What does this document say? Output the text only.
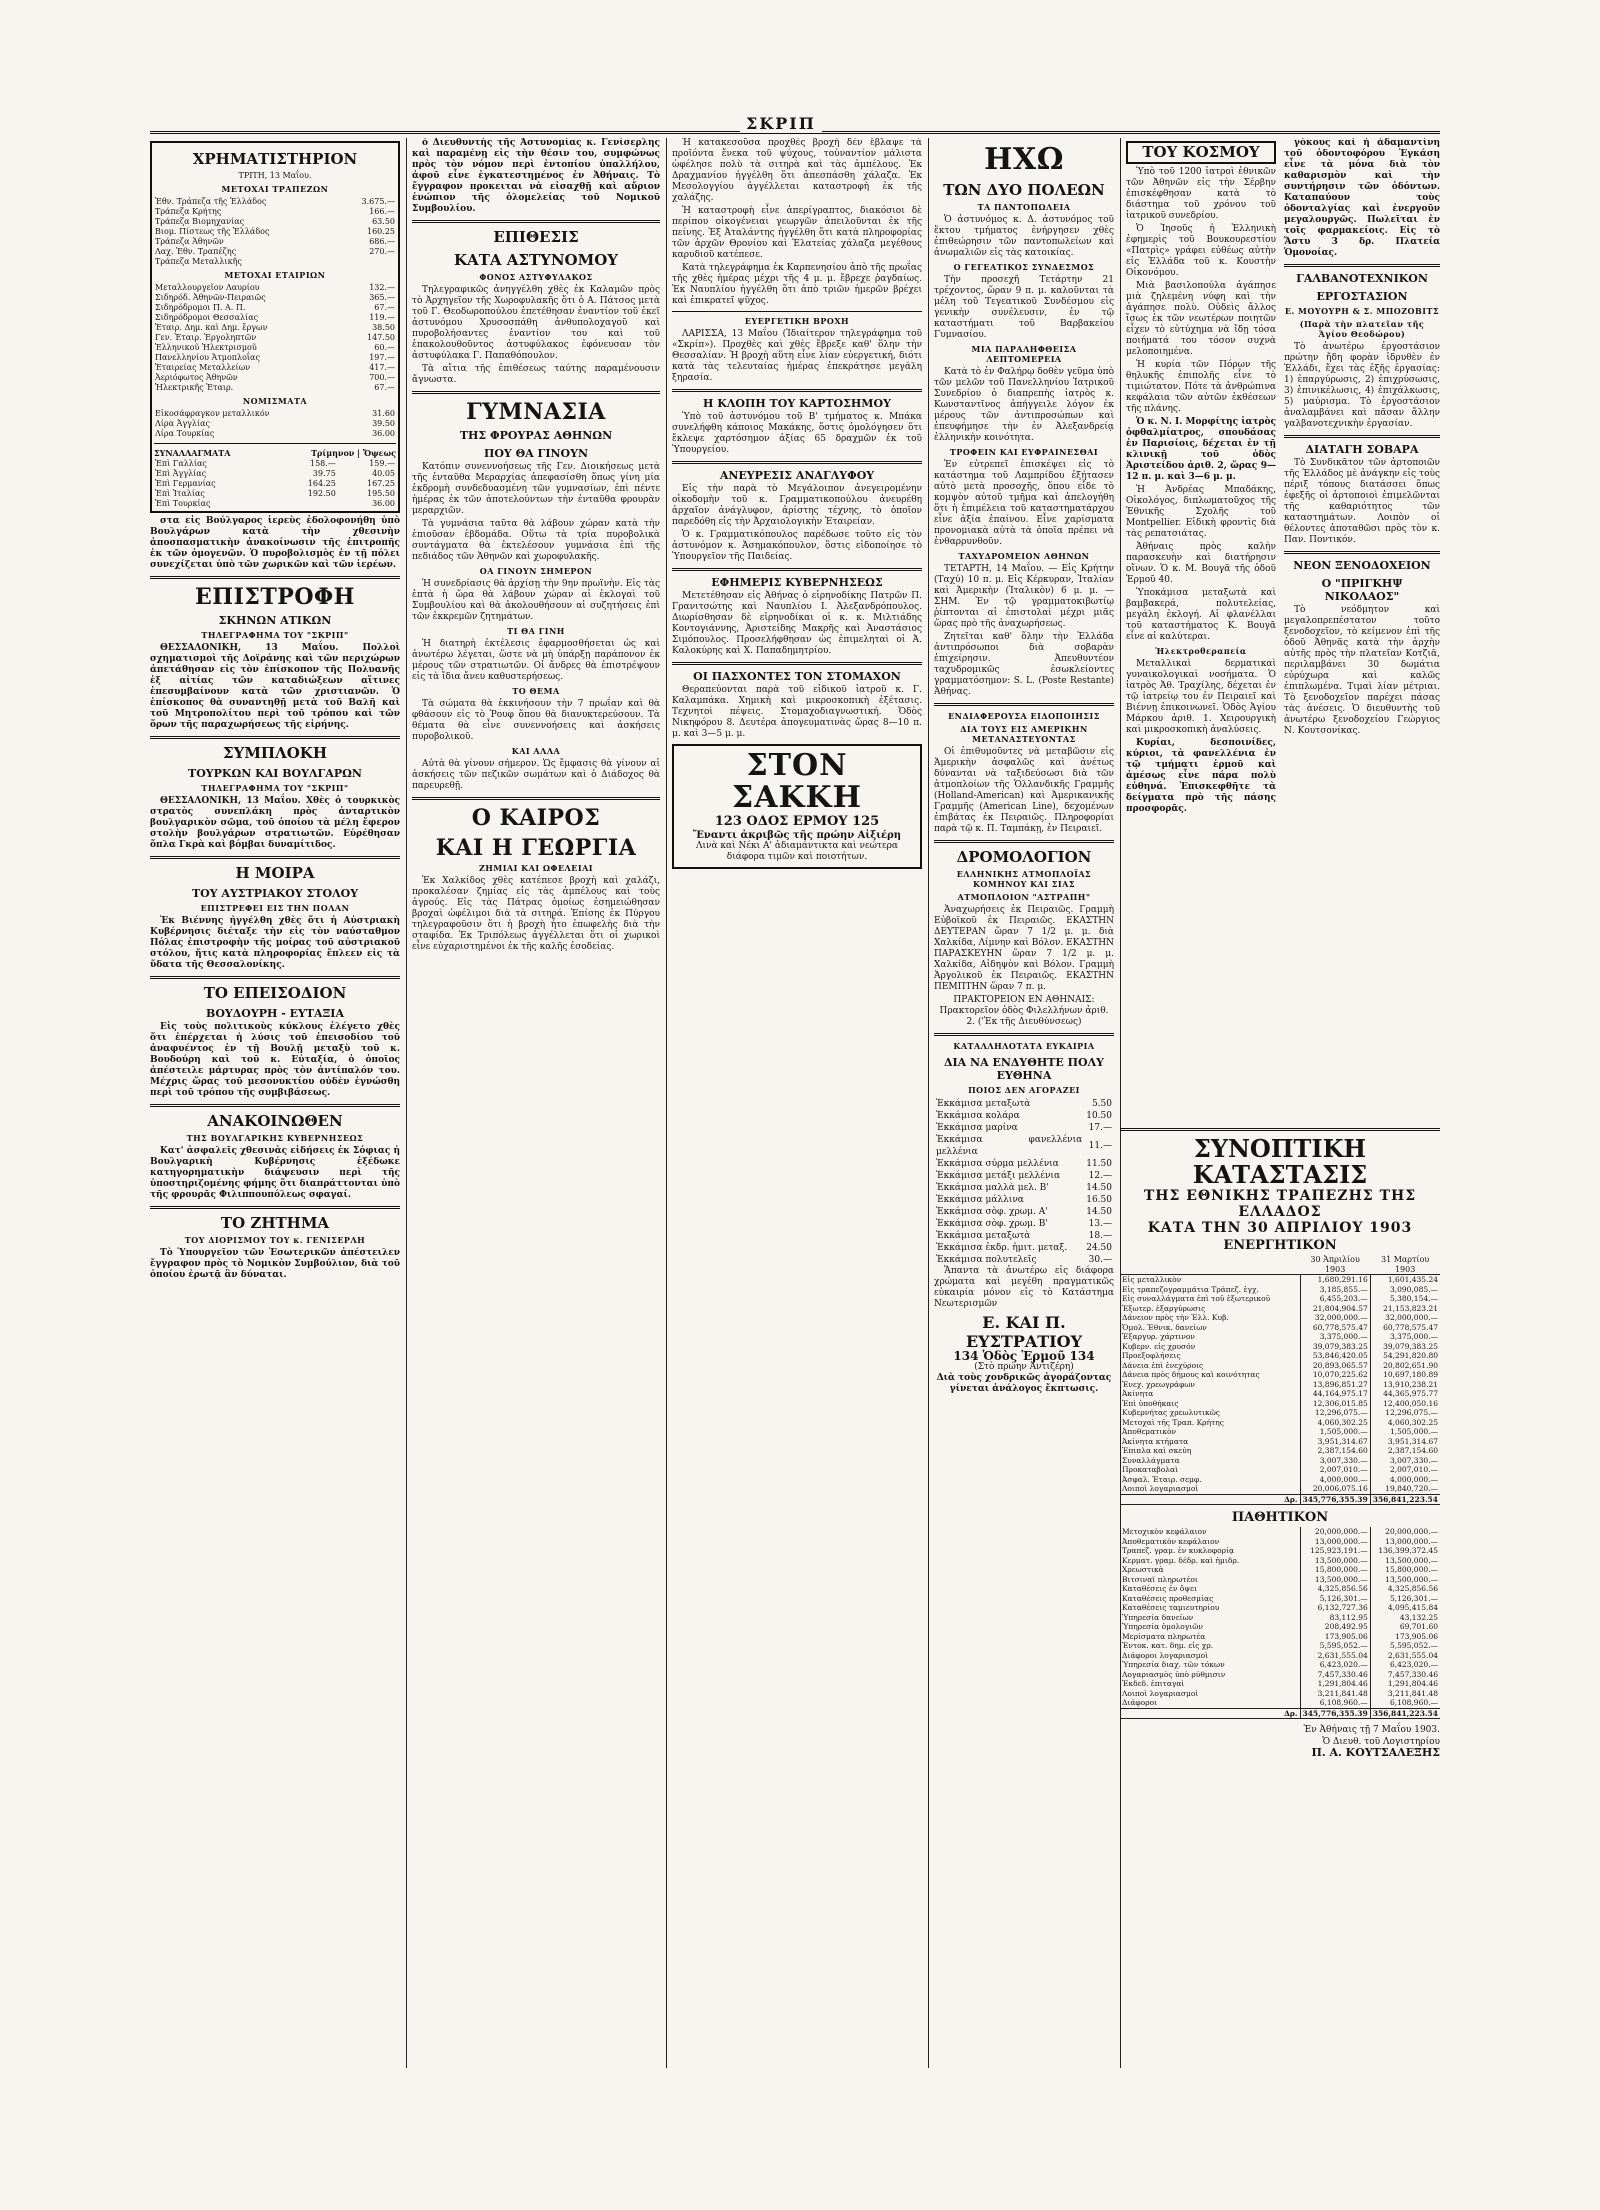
ΣΚΡΙΠ
ΧΡΗΜΑΤΙΣΤΗΡΙΟΝ
ΤΡΙΤΗ, 13 Μαΐου.
ΜΕΤΟΧΑΙ ΤΡΑΠΕΖΩΝ
Ἐθν. Τράπεζα τῆς Ἑλλάδος	3.675.—
Τράπεζα Κρήτης	166.—
Τράπεζα Βιομηχανίας	63.50
Βιομ. Πίστεως τῆς Ἑλλάδος	160.25
Τράπεζα Ἀθηνῶν	686.—
Λαχ. Ἐθν. Τραπέζης	270.—
Τράπεζα Μεταλλικῆς	
ΜΕΤΟΧΑΙ ΕΤΑΙΡΙΩΝ
Μεταλλουργεῖον Λαυρίου	132.—
Σιδηρόδ. Ἀθηνῶν-Πειραιῶς	365.—
Σιδηρόδρομοι Π. Α. Π.	67.—
Σιδηρόδρομοι Θεσσαλίας	119.—
Ἑταιρ. Δημ. καὶ Δημ. ἔργων	38.50
Γεν. Ἑταιρ. Ἐργοληπτῶν	147.50
Ἑλληνικοῦ Ἠλεκτρισμοῦ	60.—
Πανελληνίου Ἀτμοπλοΐας	197.—
Ἑταιρείας Μεταλλείων	417.—
Ἀεριόφωτος Ἀθηνῶν	700.—
Ἠλεκτρικῆς Ἑταιρ.	67.—
ΝΟΜΙΣΜΑΤΑ
Εἰκοσάφραγκον μεταλλικόν	31.60
Λίρα Ἀγγλίας	39.50
Λίρα Τουρκίας	36.00
ΣΥΝΑΛΛΑΓΜΑΤΑ	Τρίμηνον | Ὄψεως
Ἐπὶ Γαλλίας	158.—	159.—
Ἐπὶ Ἀγγλίας	39.75	40.05
Ἐπὶ Γερμανίας	164.25	167.25
Ἐπὶ Ἰταλίας	192.50	195.50
Ἐπὶ Τουρκίας		36.00

στα εἰς Βούλγαρος ἱερεὺς ἐδολοφονήθη ὑπὸ Βουλγάρων κατὰ τὴν χθεσινὴν ἀποσπασματικὴν ἀνακοίνωσιν τῆς ἐπιτροπῆς ἐκ τῶν ὁμογενῶν. Ὁ πυροβολισμὸς ἐν τῇ πόλει συνεχίζεται ὑπὸ τῶν χωρικῶν καὶ τῶν ἱερέων.

ΕΠΙΣΤΡΟΦΗ
ΣΚΗΝΩΝ ΑΤΙΚΩΝ
ΤΗΛΕΓΡΑΦΗΜΑ ΤΟΥ "ΣΚΡΙΠ"

ΘΕΣΣΑΛΟΝΙΚΗ, 13 Μαΐου. Πολλοὶ σχηματισμοὶ τῆς Δοϊράνης καὶ τῶν περιχώρων ἀπετάθησαν εἰς τὸν ἐπίσκοπον τῆς Πολυανῆς ἐξ αἰτίας τῶν καταδιώξεων αἵτινες ἐπεσυμβαίνουν κατὰ τῶν χριστιανῶν. Ὁ ἐπίσκοπος θὰ συναντηθῇ μετὰ τοῦ Βαλῆ καὶ τοῦ Μητροπολίτου περὶ τοῦ τρόπου καὶ τῶν ὅρων τῆς παραχωρήσεως τῆς εἰρήνης.

ΣΥΜΠΛΟΚΗ
ΤΟΥΡΚΩΝ ΚΑΙ ΒΟΥΛΓΑΡΩΝ
ΤΗΛΕΓΡΑΦΗΜΑ ΤΟΥ "ΣΚΡΙΠ"

ΘΕΣΣΑΛΟΝΙΚΗ, 13 Μαΐου. Χθὲς ὁ τουρκικὸς στρατὸς συνεπλάκη πρὸς ἀνταρτικὸν βουλγαρικὸν σῶμα, τοῦ ὁποίου τὰ μέλη ἔφερον στολὴν βουλγάρων στρατιωτῶν. Εὑρέθησαν ὅπλα Γκρὰ καὶ βόμβαι δυναμίτιδος.

Η ΜΟΙΡΑ
ΤΟΥ ΑΥΣΤΡΙΑΚΟΥ ΣΤΟΛΟΥ
ΕΠΙΣΤΡΕΦΕΙ ΕΙΣ ΤΗΝ ΠΟΛΑΝ

Ἐκ Βιέννης ἠγγέλθη χθὲς ὅτι ἡ Αὐστριακὴ Κυβέρνησις διέταξε τὴν εἰς τὸν ναύσταθμον Πόλας ἐπιστροφὴν τῆς μοίρας τοῦ αὐστριακοῦ στόλου, ἥτις κατὰ πληροφορίας ἔπλεεν εἰς τὰ ὕδατα τῆς Θεσσαλονίκης.

ΤΟ ΕΠΕΙΣΟΔΙΟΝ
ΒΟΥΔΟΥΡΗ - ΕΥΤΑΞΙΑ

Εἰς τοὺς πολιτικοὺς κύκλους ἐλέγετο χθὲς ὅτι ἐπέρχεται ἡ λύσις τοῦ ἐπεισοδίου τοῦ ἀναφυέντος ἐν τῇ Βουλῇ μεταξὺ τοῦ κ. Βουδούρη καὶ τοῦ κ. Εὐταξία, ὁ ὁποῖος ἀπέστειλε μάρτυρας πρὸς τὸν ἀντίπαλόν του. Μέχρις ὥρας τοῦ μεσονυκτίου οὐδὲν ἐγνώσθη περὶ τοῦ τρόπου τῆς συμβιβάσεως.

ΑΝΑΚΟΙΝΩΘΕΝ
ΤΗΣ ΒΟΥΛΓΑΡΙΚΗΣ ΚΥΒΕΡΝΗΣΕΩΣ

Κατ' ἀσφαλεῖς χθεσινὰς εἰδήσεις ἐκ Σόφιας ἡ Βουλγαρικὴ Κυβέρνησις ἐξέδωκε κατηγορηματικὴν διάψευσιν περὶ τῆς ὑποστηριζομένης φήμης ὅτι διαπράττονται ὑπὸ τῆς φρουρᾶς Φιλιππουπόλεως σφαγαί.

ΤΟ ΖΗΤΗΜΑ
ΤΟΥ ΔΙΟΡΙΣΜΟΥ ΤΟΥ κ. ΓΕΝΙΣΕΡΛΗ

Τὸ Ὑπουργεῖον τῶν Ἐσωτερικῶν ἀπέστειλεν ἔγγραφον πρὸς τὸ Νομικὸν Συμβούλιον, διὰ τοῦ ὁποίου ἐρωτᾷ ἂν δύναται.

ὁ Διευθυντὴς τῆς Ἀστυνομίας κ. Γενίσερλης καὶ παραμένῃ εἰς τὴν θέσιν του, συμφώνως πρὸς τὸν νόμον περὶ ἐντοπίου ὑπαλλήλου, ἀφοῦ εἶνε ἐγκατεστημένος ἐν Ἀθήναις. Τὸ ἔγγραφον προκειται νὰ εἰσαχθῇ καὶ αὔριον ἐνώπιον τῆς ὁλομελείας τοῦ Νομικοῦ Συμβουλίου.

ΕΠΙΘΕΣΙΣ
ΚΑΤΑ ΑΣΤΥΝΟΜΟΥ
ΦΟΝΟΣ ΑΣΤΥΦΥΛΑΚΟΣ

Τηλεγραφικῶς ἀνηγγέλθη χθὲς ἐκ Καλαμῶν πρὸς τὸ Ἀρχηγεῖον τῆς Χωροφυλακῆς ὅτι ὁ Α. Πάτσος μετὰ τοῦ Γ. Θεοδωροπούλου ἐπετέθησαν ἐναντίον τοῦ ἐκεῖ ἀστυνόμου Χρυσοσπάθη ἀνθυπολοχαγοῦ καὶ πυροβολήσαντες ἐναντίον του καὶ τοῦ ἐπακολουθοῦντος ἀστυφύλακος ἐφόνευσαν τὸν ἀστυφύλακα Γ. Παπαθόπουλον.

Τὰ αἴτια τῆς ἐπιθέσεως ταύτης παραμένουσιν ἄγνωστα.

ΓΥΜΝΑΣΙΑ
ΤΗΣ ΦΡΟΥΡΑΣ ΑΘΗΝΩΝ
ΠΟΥ ΘΑ ΓΙΝΟΥΝ

Κατόπιν συνεννοήσεως τῆς Γεν. Διοικήσεως μετὰ τῆς ἐνταῦθα Μεραρχίας ἀπεφασίσθη ὅπως γίνη μία ἐκδρομὴ συνδεδυασμένη τῶν γυμνασίων, ἐπὶ πέντε ἡμέρας ἐκ τῶν ἀποτελούντων τὴν ἐνταῦθα φρουρὰν μεραρχιῶν.

Τὰ γυμνάσια ταῦτα θὰ λάβουν χώραν κατὰ τὴν ἐπιοῦσαν ἑβδομάδα. Οὕτω τὰ τρία πυροβολικὰ συντάγματα θὰ ἐκτελέσουν γυμνάσια ἐπὶ τῆς πεδιάδος τῶν Ἀθηνῶν καὶ χωροφυλακῆς.

ΟΑ ΓΙΝΟΥΝ ΣΗΜΕΡΟΝ

Ἡ συνεδρίασις θὰ ἀρχίσῃ τὴν 9ην πρωϊνὴν. Εἰς τὰς ἑπτὰ ἡ ὥρα θὰ λάβουν χώραν αἱ ἐκλογαὶ τοῦ Συμβουλίου καὶ θὰ ἀκολουθήσουν αἱ συζητήσεις ἐπὶ τῶν ἐκκρεμῶν ζητημάτων.

ΤΙ ΘΑ ΓΙΝΗ

Ἡ διατηρὴ ἐκτέλεσις ἐφαρμοσθήσεται ὡς καὶ ἀνωτέρω λέγεται, ὥστε νὰ μὴ ὑπάρξῃ παράπονον ἐκ μέρους τῶν στρατιωτῶν. Οἱ ἄνδρες θὰ ἐπιστρέψουν εἰς τὰ ἴδια ἄνευ καθυστερήσεως.

ΤΟ ΘΕΜΑ

Τὰ σώματα θὰ ἐκκινήσουν τὴν 7 πρωΐαν καὶ θὰ φθάσουν εἰς τὸ Ῥουφ ὅπου θὰ διανυκτερεύσουν. Τὰ θέματα θὰ εἶνε συνεννοήσεις καὶ ἀσκήσεις πυροβολικοῦ.

ΚΑΙ ΑΛΛΑ

Αὐτὰ θὰ γίνουν σήμερον. Ὡς ἔμφασις θὰ γίνουν αἱ ἀσκήσεις τῶν πεζικῶν σωμάτων καὶ ὁ Διάδοχος θὰ παρευρεθῇ.

Ο ΚΑΙΡΟΣ
ΚΑΙ Η ΓΕΩΡΓΙΑ
ΖΗΜΙΑΙ ΚΑΙ ΩΦΕΛΕΙΑΙ

Ἐκ Χαλκίδος χθὲς κατέπεσε βροχὴ καὶ χαλάζι, προκαλέσαν ζημίας εἰς τὰς ἀμπέλους καὶ τοὺς ἀγρούς. Εἰς τὰς Πάτρας ὁμοίως ἐσημειώθησαν βροχαὶ ὠφέλιμοι διὰ τὰ σιτηρά. Ἐπίσης ἐκ Πύργου τηλεγραφοῦσιν ὅτι ἡ βροχὴ ἦτο ἐπωφελὴς διὰ τὴν σταφίδα. Ἐκ Τριπόλεως ἀγγέλλεται ὅτι οἱ χωρικοὶ εἶνε εὐχαριστημένοι ἐκ τῆς καλῆς ἐσοδείας.

Ἡ κατακεσοῦσα προχθὲς βροχὴ δὲν ἔβλαψε τὰ προϊόντα ἕνεκα τοῦ ψύχους, τοὐναντίον μάλιστα ὠφέλησε πολὺ τὰ σιτηρὰ καὶ τὰς ἀμπέλους. Ἐκ Δραχμανίου ἠγγέλθη ὅτι ἀπεσπάσθη χάλαζα. Ἐκ Μεσολογγίου ἀγγέλλεται καταστροφὴ ἐκ τῆς χαλάζης.

Ἡ καταστροφὴ εἶνε ἀπερίγραπτος, διακόσιοι δὲ περίπου οἰκογένειαι γεωργῶν ἀπειλοῦνται ἐκ τῆς πείνης. Ἐξ Ἀταλάντης ἠγγέλθη ὅτι κατὰ πληροφορίας τῶν ἀρχῶν Θρονίου καὶ Ἐλατείας χάλαζα μεγέθους καρυδιοῦ κατέπεσε.

Κατὰ τηλεγράφημα ἐκ Καρπενησίου ἀπὸ τῆς πρωΐας τῆς χθὲς ἡμέρας μέχρι τῆς 4 μ. μ. ἔβρεχε ῥαγδαίως. Ἐκ Ναυπλίου ἠγγέλθη ὅτι ἀπὸ τριῶν ἡμερῶν βρέχει καὶ ἐπικρατεῖ ψῦχος.

ΕΥΕΡΓΕΤΙΚΗ ΒΡΟΧΗ

ΛΑΡΙΣΣΑ, 13 Μαΐου (Ἰδιαίτερον τηλεγράφημα τοῦ «Σκρίπ»). Προχθὲς καὶ χθὲς ἔβρεξε καθ' ὅλην τὴν Θεσσαλίαν. Ἡ βροχὴ αὕτη εἶνε λίαν εὐεργετική, διότι κατὰ τὰς τελευταίας ἡμέρας ἐπεκράτησε μεγάλη ξηρασία.

Η ΚΛΟΠΗ ΤΟΥ ΚΑΡΤΟΣΗΜΟΥ

Ὑπὸ τοῦ ἀστυνόμου τοῦ Β' τμήματος κ. Μπάκα συνελήφθη κάποιος Μακάκης, ὅστις ὁμολόγησεν ὅτι ἔκλεψε χαρτόσημον ἀξίας 65 δραχμῶν ἐκ τοῦ Ὑπουργείου.

ΑΝΕΥΡΕΣΙΣ ΑΝΑΓΛΥΦΟΥ

Εἰς τὴν παρὰ τὸ Μεγάλοιπον ἀνεγειρομένην οἰκοδομὴν τοῦ κ. Γραμματικοπούλου ἀνευρέθη ἀρχαῖον ἀνάγλυφον, ἀρίστης τέχνης, τὸ ὁποῖον παρεδόθη εἰς τὴν Ἀρχαιολογικὴν Ἑταιρείαν.

Ὁ κ. Γραμματικόπουλος παρέδωσε τοῦτο εἰς τὸν ἀστυνόμον κ. Ἀσημακόπουλον, ὅστις εἰδοποίησε τὸ Ὑπουργεῖον τῆς Παιδείας.

ΕΦΗΜΕΡΙΣ ΚΥΒΕΡΝΗΣΕΩΣ

Μετετέθησαν εἰς Ἀθήνας ὁ εἰρηνοδίκης Πατρῶν Π. Γρανιτσώτης καὶ Ναυπλίου Ι. Ἀλεξανδρόπουλος. Διωρίσθησαν δὲ εἰρηνοδίκαι οἱ κ. κ. Μιλτιάδης Κοντογιάννης, Ἀριστείδης Μακρῆς καὶ Ἀναστάσιος Σιμόπουλος. Προσελήφθησαν ὡς ἐπιμεληταὶ οἱ Ἀ. Καλοκύρης καὶ Χ. Παπαδημητρίου.

ΟΙ ΠΑΣΧΟΝΤΕΣ ΤΟΝ ΣΤΟΜΑΧΟΝ

Θεραπεύονται παρὰ τοῦ εἰδικοῦ ἰατροῦ κ. Γ. Καλαμπάκα. Χημικὴ καὶ μικροσκοπικὴ ἐξέτασις. Τεχνητοὶ πέψεις. Στομαχοδιαγνωστική. Ὁδὸς Νικηφόρου 8. Δευτέρα ἀπογευματινὰς ὥρας 8—10 π. μ. καὶ 3—5 μ. μ.

ΣΤΟΝ ΣΑΚΚΗ
123 ΟΔΟΣ ΕΡΜΟΥ 125
Ἔναντι ἀκριβῶς τῆς πρώην Αἰξιέρη
Λινὰ καὶ Νέκι Α' ἀδιαμάντικτα καὶ νεώτερα διάφορα τιμῶν καὶ ποιοτήτων.
ΗΧΩ
ΤΩΝ ΔΥΟ ΠΟΛΕΩΝ
ΤΑ ΠΑΝΤΟΠΩΛΕΙΑ

Ὁ ἀστυνόμος κ. Δ. ἀστυνόμος τοῦ ἕκτου τμήματος ἐνήργησεν χθὲς ἐπιθεώρησιν τῶν παντοπωλείων καὶ ἀνωμαλιῶν εἰς τὰς κατοικίας.

Ο ΓΕΓΕΑΤΙΚΟΣ ΣΥΝΔΕΣΜΟΣ

Τὴν προσεχῆ Τετάρτην 21 τρέχοντος, ὥραν 9 π. μ. καλοῦνται τὰ μέλη τοῦ Τεγεατικοῦ Συνδέσμου εἰς γενικὴν συνέλευσιν, ἐν τῷ καταστήματι τοῦ Βαρβακείου Γυμνασίου.

ΜΙΑ ΠΑΡΑΛΗΦΘΕΙΣΑ ΛΕΠΤΟΜΕΡΕΙΑ

Κατὰ τὸ ἐν Φαλήρῳ δοθὲν γεῦμα ὑπὸ τῶν μελῶν τοῦ Πανελληνίου Ἰατρικοῦ Συνεδρίου ὁ διαπρεπὴς ἰατρὸς κ. Κωνσταντῖνος ἀπήγγειλε λόγον ἐκ μέρους τῶν ἀντιπροσώπων καὶ ἐπευφήμησε τὴν ἐν Ἀλεξανδρείᾳ ἑλληνικὴν κοινότητα.

ΤΡΟΦΕΙΝ ΚΑΙ ΕΥΦΡΑΙΝΕΣΘΑΙ

Ἐν εὐτρεπεῖ ἐπισκέψει εἰς τὸ κατάστημα τοῦ Λαμπρίδου ἐξήτασεν αὐτὸ μετὰ προσοχῆς, ὅπου εἶδε τὸ κομψὸν αὐτοῦ τμῆμα καὶ ἀπελογήθη ὅτι ἡ ἐπιμέλεια τοῦ καταστηματάρχου εἶνε ἀξία ἐπαίνου. Εἶνε χαρίσματα προνομιακὰ αὐτὰ τὰ ὁποῖα πρέπει νὰ ἐνθαρρυνθοῦν.

ΤΑΧΥΔΡΟΜΕΙΟΝ ΑΘΗΝΩΝ

ΤΕΤΑΡΤΗ, 14 Μαΐου. — Εἰς Κρήτην (Ταχύ) 10 π. μ. Εἰς Κέρκυραν, Ἰταλίαν καὶ Ἀμερικὴν (Ἰταλικὸν) 6 μ. μ. — ΣΗΜ. Ἐν τῷ γραμματοκιβωτίῳ ῥίπτονται αἱ ἐπιστολαὶ μέχρι μιᾶς ὥρας πρὸ τῆς ἀναχωρήσεως.

Ζητεῖται καθ' ὅλην τὴν Ἑλλάδα ἀντιπρόσωποι διὰ σοβαρὰν ἐπιχείρησιν. Ἀπευθυντέον ταχυδρομικῶς ἐσωκλείοντες γραμματόσημον: S. L. (Poste Restante) Ἀθήνας.

ΕΝΔΙΑΦΕΡΟΥΣΑ ΕΙΔΟΠΟΙΗΣΙΣ
ΔΙΑ ΤΟΥΣ ΕΙΣ ΑΜΕΡΙΚΗΝ ΜΕΤΑΝΑΣΤΕΥΟΝΤΑΣ

Οἱ ἐπιθυμοῦντες νὰ μεταβῶσιν εἰς Ἀμερικὴν ἀσφαλῶς καὶ ἀνέτως δύνανται νὰ ταξιδεύσωσι διὰ τῶν ἀτμοπλοίων τῆς Ὁλλανδικῆς Γραμμῆς (Holland-American) καὶ Ἀμερικανικῆς Γραμμῆς (American Line), δεχομένων ἐπιβάτας ἐκ Πειραιῶς. Πληροφορίαι παρὰ τῷ κ. Π. Ταμπάκῃ, ἐν Πειραιεῖ.

ΔΡΟΜΟΛΟΓΙΟΝ
ΕΛΛΗΝΙΚΗΣ ΑΤΜΟΠΛΟΪΑΣ ΚΟΜΗΝΟΥ ΚΑΙ ΣΙΑΣ
ΑΤΜΟΠΛΟΙΟΝ "ΑΣΤΡΑΠΗ"

Ἀναχωρήσεις ἐκ Πειραιῶς. Γραμμὴ Εὐβοϊκοῦ ἐκ Πειραιῶς. ΕΚΑΣΤΗΝ ΔΕΥΤΕΡΑΝ ὥραν 7 1/2 μ. μ. διὰ Χαλκίδα, Λίμνην καὶ Βόλον. ΕΚΑΣΤΗΝ ΠΑΡΑΣΚΕΥΗΝ ὥραν 7 1/2 μ. μ. Χαλκίδα, Αἰδηψὸν καὶ Βόλον. Γραμμὴ Ἀργολικοῦ ἐκ Πειραιῶς. ΕΚΑΣΤΗΝ ΠΕΜΠΤΗΝ ὥραν 7 π. μ.

ΠΡΑΚΤΟΡΕΙΟΝ ΕΝ ΑΘΗΝΑΙΣ: Πρακτορεῖον ὁδὸς Φιλελλήνων ἀριθ. 2. ('Ἐκ τῆς Διευθύνσεως)

ΚΑΤΑΛΛΗΛΟΤΑΤΑ ΕΥΚΑΙΡΙΑ
ΔΙΑ ΝΑ ΕΝΔΥΘΗΤΕ ΠΟΛΥ ΕΥΘΗΝΑ
ΠΟΙΟΣ ΔΕΝ ΑΓΟΡΑΖΕΙ
Ἐκκάμισα μεταξωτὰ	5.50
Ἐκκάμισα κολάρα	10.50
Ἐκκάμισα μαρίνα	17.—
Ἐκκάμισα φανελλένια μελλένια	11.—
Ἐκκάμισα σύρμα μελλένια	11.50
Ἐκκάμισα μετάξι μελλένια	12.—
Ἐκκάμισα μαλλὰ μελ. Β'	14.50
Ἐκκάμισα μάλλινα	16.50
Ἐκκάμισα σὸφ. χρωμ. Α'	14.50
Ἐκκάμισα σὸφ. χρωμ. Β'	13.—
Ἐκκάμισα μεταξωτὰ	18.—
Ἐκκάμισα ἐκδρ. ἡμιτ. μεταξ.	24.50
Ἐκκάμισα πολυτελεῖς	30.—

Ἅπαντα τὰ ἀνωτέρω εἰς διάφορα χρώματα καὶ μεγέθη πραγματικῶς εὐκαιρία μόνον εἰς τὸ Κατάστημα Νεωτερισμῶν

Ε. ΚΑΙ Π. ΕΥΣΤΡΑΤΙΟΥ
134 Ὁδὸς Ἑρμοῦ 134
(Στὸ πρώην Ἀντιζέρη)
Διὰ τοὺς χονδρικῶς ἀγοράζοντας γίνεται ἀνάλογος ἔκπτωσις.
ΤΟΥ ΚΟΣΜΟΥ

Ὑπὸ τοῦ 1200 ἰατροὶ ἐθνικῶν τῶν Ἀθηνῶν εἰς τὴν Σέρβην ἐπισκέφθησαν κατὰ τὸ διάστημα τοῦ χρόνου τοῦ ἰατρικοῦ συνεδρίου.

Ὁ Ἰησοῦς ἡ Ἑλληνικὴ ἐφημερὶς τοῦ Βουκουρεστίου «Πατρὶς» γράφει εὐθέως αὐτὴν εἰς Ἑλλάδα τοῦ κ. Κουστὴν Οἰκονόμου.

Μιὰ βασιλοπούλα ἀγάπησε μιὰ ζηλεμένη νύφη καὶ τὴν ἀγάπησε πολὺ. Οὐδεὶς ἄλλος ἴσως ἐκ τῶν νεωτέρων ποιητῶν εἶχεν τὸ εὐτύχημα νὰ ἴδῃ τόσα ποιήματά του τόσον συχνὰ μελοποιημένα.

Ἡ κυρία τῶν Πόρων τῆς θηλυκῆς ἐπιπολῆς εἶνε τὸ τιμιώτατον. Πότε τὰ ἀνθρώπινα κεφάλαια τῶν αὐτῶν ἐκθέσεων τῆς πλάνης.

Ὁ κ. Ν. Ι. Μορφίτης ἰατρὸς ὀφθαλμίατρος, σπουδάσας ἐν Παρισίοις, δέχεται ἐν τῇ κλινικῇ τοῦ ὁδὸς Ἀριστείδου ἀριθ. 2, ὥρας 9—12 π. μ. καὶ 3—6 μ. μ.

Ἡ Ἀνδρέας Μπαδάκης, Οἰκολόγος, διπλωματοῦχος τῆς Ἐθνικῆς Σχολῆς τοῦ Montpellier. Εἰδικὴ φροντὶς διὰ τὰς ρεπατσιάτας.

Ἀθήναις πρὸς καλὴν παρασκευὴν καὶ διατήρησιν οἴνων. Ὁ κ. Μ. Βουγᾶ τῆς ὁδοῦ Ἑρμοῦ 40.

Ὑποκάμισα μεταξωτὰ καὶ βαμβακερά, πολυτελείας, μεγάλη ἐκλογή. Αἱ φλανέλλαι τοῦ καταστήματος Κ. Βουγᾶ εἶνε αἱ καλύτεραι.

Ἡλεκτροθεραπεία

Μεταλλικαὶ δερματικαὶ γυναικολογικαὶ νοσήματα. Ὁ ἰατρὸς Ἀθ. Τραχίλης, δέχεται ἐν τῷ ἰατρείῳ του ἐν Πειραιεῖ καὶ Βιέννῃ ἐπικοινωνεῖ. Ὁδὸς Ἀγίου Μάρκου ἀριθ. 1. Χειρουργικὴ καὶ μικροσκοπικὴ ἀναλύσεις.

Κυρίαι, δεσποινίδες, κύριοι, τὰ φανελλένια ἐν τῷ τμήματι ἑρμοῦ καὶ ἀμέσως εἶνε πάρα πολὺ εὐθηνά. Ἐπισκεφθῆτε τὰ δείγματα πρὸ τῆς πάσης προσφορᾶς.

γόκους καὶ ἡ ἀδαμαντίνη τοῦ ὀδοντοφόρου Ἐγκάση εἶνε τὰ μόνα διὰ τὸν καθαρισμὸν καὶ τὴν συντήρησιν τῶν ὀδόντων. Καταπαύουν τοὺς ὀδονταλγίας καὶ ἐνεργοῦν μεγαλουργῶς. Πωλεῖται ἐν τοῖς φαρμακείοις. Εἰς τὸ Ἄστυ 3 δρ. Πλατεία Ὁμονοίας.

ΓΑΛΒΑΝΟΤΕΧΝΙΚΟΝ
ΕΡΓΟΣΤΑΣΙΟΝ
Ε. ΜΟΥΟΥΡΗ & Σ. ΜΠΟΖΟΒΙΤΣ
(Παρὰ τὴν πλατεῖαν τῆς Ἁγίου Θεοδώρου)

Τὸ ἀνωτέρω ἐργοστάσιον πρώτην ἤδη φορὰν ἱδρυθὲν ἐν Ἑλλάδι, ἔχει τὰς ἐξῆς ἐργασίας: 1) ἐπαργύρωσις, 2) ἐπιχρύσωσις, 3) ἐπινικέλωσις, 4) ἐπιχάλκωσις, 5) μαύρισμα. Τὸ ἐργοστάσιον ἀναλαμβάνει καὶ πᾶσαν ἄλλην γαλβανοτεχνικὴν ἐργασίαν.

ΔΙΑΤΑΓΗ ΣΟΒΑΡΑ

Τὸ Συνδικᾶτον τῶν ἀρτοποιῶν τῆς Ἑλλάδος μὲ ἀνάγκην εἰς τοὺς πέριξ τόπους διατάσσει ὅπως ἐφεξῆς οἱ ἀρτοποιοὶ ἐπιμελῶνται τῆς καθαριότητος τῶν καταστημάτων. Λοιπὸν οἱ θέλοντες ἀποταθῶσι πρὸς τὸν κ. Παν. Ποντικόν.

ΝΕΟΝ ΞΕΝΟΔΟΧΕΙΟΝ
Ο "ΠΡΙΓΚΗΨ ΝΙΚΟΛΑΟΣ"

Τὸ νεόδμητον καὶ μεγαλοπρεπέστατον τοῦτο ξενοδοχεῖον, τὸ κείμενον ἐπὶ τῆς ὁδοῦ Ἀθηνᾶς κατὰ τὴν ἀρχὴν αὐτῆς πρὸς τὴν πλατεῖαν Κοτζιᾶ, περιλαμβάνει 30 δωμάτια εὐρύχωρα καὶ καλῶς ἐπιπλωμένα. Τιμαὶ λίαν μέτριαι. Τὸ ξενοδοχεῖον παρέχει πάσας τὰς ἀνέσεις. Ὁ διευθυντὴς τοῦ ἀνωτέρω ξενοδοχείου Γεώργιος Ν. Κουτσονίκας.

ΣΥΝΟΠΤΙΚΗ ΚΑΤΑΣΤΑΣΙΣ
ΤΗΣ ΕΘΝΙΚΗΣ ΤΡΑΠΕΖΗΣ ΤΗΣ ΕΛΛΑΔΟΣ
ΚΑΤΑ ΤΗΝ 30 ΑΠΡΙΛΙΟΥ 1903
ΕΝΕΡΓΗΤΙΚΟΝ
	30 Ἀπριλίου 1903	31 Μαρτίου 1903
Εἰς μεταλλικὸν	1,680,291.16	1,601,435.24
Εἰς τραπεζογραμμάτια Τράπεζ. ἐγχ.	3,185,855.—	3,090,085.—
Εἰς συναλλάγματα ἐπὶ τοῦ ἐξωτερικοῦ	6,455,203.—	5,380,154.—
Ἐξωτερ. ἐξαργύρωσις	21,804,904.57	21,153,823.21
Δάνειον πρὸς τὴν Ἑλλ. Κυβ.	32,000,000.—	32,000,000.—
Ὁμολ. Ἐθνικ. δανείων	60,778,575.47	60,778,575.47
Ἐξαργυρ. χάρτινον	3,375,000.—	3,375,000.—
Κυβερν. εἰς χρυσόν	39,079,383.25	39,079,383.25
Προεξοφλήσεις	53,846,420.05	54,291,820.80
Δάνεια ἐπὶ ἐνεχύροις	20,893,065.57	20,802,651.90
Δάνεια πρὸς δήμους καὶ κοινότητας	10,070,225.62	10,697,180.89
Ἐνεχ. χρεωγράφων	13,896,851.27	13,910,238.21
Ἀκίνητα	44,164,975.17	44,365,975.77
Ἐπὶ ὑποθήκαις	12,306,015.85	12,400,050.16
Κυβερνήτας χρεωλυτικῶς	12,296,075.—	12,296,075.—
Μετοχαὶ τῆς Τραπ. Κρήτης	4,060,302.25	4,060,302.25
Ἀποθεματικὸν	1,505,000.—	1,505,000.—
Ἀκίνητα κτήματα	3,951,314.67	3,951,314.67
Ἐπιπλα καὶ σκεύη	2,387,154.60	2,387,154.60
Συναλλάγματα	3,007,330.—	3,007,330.—
Προκαταβολαὶ	2,007,010.—	2,007,010.—
Ἀσφαλ. Ἑταιρ. σεμφ.	4,000,000.—	4,000,000.—
Λοιποὶ λογαριασμοὶ	20,006,075.16	19,840,720.—
Δρ.	345,776,355.39	356,841,223.54
ΠΑΘΗΤΙΚΟΝ
Μετοχικὸν κεφάλαιον	20,000,000.—	20,000,000.—
Ἀποθεματικὸν κεφάλαιον	13,000,000.—	13,000,000.—
Τραπεζ. γραμ. ἐν κυκλοφορίᾳ	125,923,191.—	136,399,372.45
Κερματ. γραμ. δέδρ. καὶ ἡμιδρ.	13,500,000.—	13,500,000.—
Χρεωστικὰ	15,800,000.—	15,800,000.—
Βιτσιναϊ πληρωτέοι	13,500,000.—	13,500,000.—
Καταθέσεις ἐν ὄψει	4,325,856.56	4,325,856.56
Καταθέσεις προθεσμίας	5,126,301.—	5,126,301.—
Καταθέσεις ταμιευτηρίου	6,132,727.36	4,095,415.84
Ὑπηρεσία δανείων	83,112.95	43,132.25
Ὑπηρεσία ὁμολογιῶν	208,492.95	69,701.60
Μερίσματα πληρωτέα	173,905.06	173,905.06
Ἐντοκ. κατ. δημ. εἰς χρ.	5,595,052.—	5,595,052.—
Διάφοροι λογαριασμοὶ	2,631,555.04	2,631,555.04
Ὑπηρεσία διαχ. τῶν τόκων	6,423,020.—	6,423,020.—
Λογαριασμὸς ὑπὸ ρύθμισιν	7,457,330.46	7,457,330.46
Ἐκδεδ. ἐπιταγαὶ	1,291,804.46	1,291,804.46
Λοιποὶ λογαριασμοὶ	3,211,841.48	3,211,841.48
Διάφοροι	6,108,960.—	6,108,960.—
Δρ.	345,776,355.39	356,841,223.54
Ἐν Ἀθήναις τῇ 7 Μαΐου 1903.
Ὁ Διευθ. τοῦ Λογιστηρίου
Π. Α. ΚΟΥΤΣΑΛΕΞΗΣ
